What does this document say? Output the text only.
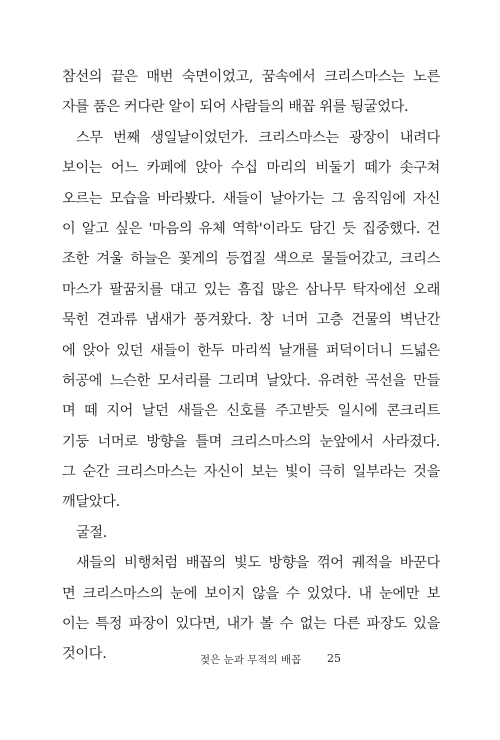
참선의 끝은 매번 숙면이었고, 꿈속에서 크리스마스는 노른
자를 품은 커다란 알이 되어 사람들의 배꼽 위를 뒹굴었다.
스무 번째 생일날이었던가. 크리스마스는 광장이 내려다
보이는 어느 카페에 앉아 수십 마리의 비둘기 떼가 솟구쳐
오르는 모습을 바라봤다. 새들이 날아가는 그 움직임에 자신
이 알고 싶은 '마음의 유체 역학'이라도 담긴 듯 집중했다. 건
조한 겨울 하늘은 꽃게의 등껍질 색으로 물들어갔고, 크리스
마스가 팔꿈치를 대고 있는 흠집 많은 삼나무 탁자에선 오래
묵힌 견과류 냄새가 풍겨왔다. 창 너머 고층 건물의 벽난간
에 앉아 있던 새들이 한두 마리씩 날개를 퍼덕이더니 드넓은
허공에 느슨한 모서리를 그리며 날았다. 유려한 곡선을 만들
며 떼 지어 날던 새들은 신호를 주고받듯 일시에 콘크리트
기둥 너머로 방향을 틀며 크리스마스의 눈앞에서 사라졌다.
그 순간 크리스마스는 자신이 보는 빛이 극히 일부라는 것을
깨달았다.
굴절.
새들의 비행처럼 배꼽의 빛도 방향을 꺾어 궤적을 바꾼다
면 크리스마스의 눈에 보이지 않을 수 있었다. 내 눈에만 보
이는 특정 파장이 있다면, 내가 볼 수 없는 다른 파장도 있을
것이다.	젖은 눈과 무적의 배꼽 25
